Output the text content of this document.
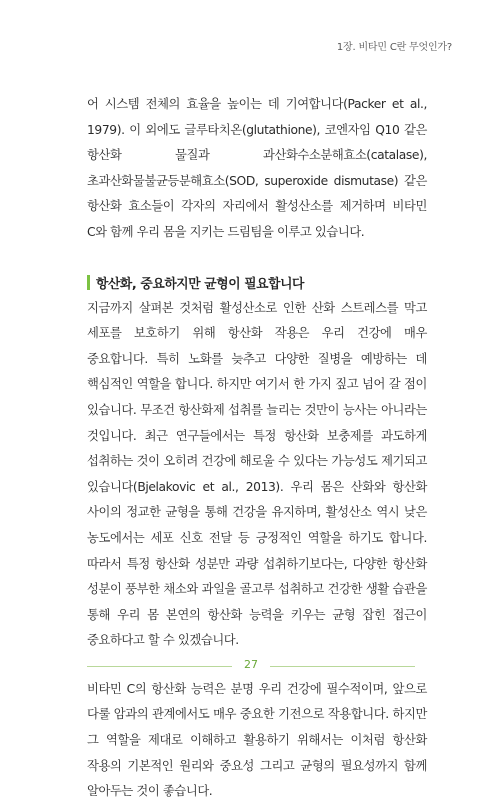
1장. 비타민 C란 무엇인가?

어 시스템 전체의 효율을 높이는 데 기여합니다(Packer et al., 1979). 이 외에도 글루타치온(glutathione), 코엔자임 Q10 같은 항산화 물질과 과산화수소분해효소(catalase), 초과산화물불균등분해효소(SOD, superoxide dismutase) 같은 항산화 효소들이 각자의 자리에서 활성산소를 제거하며 비타민 C와 함께 우리 몸을 지키는 드림팀을 이루고 있습니다.

항산화, 중요하지만 균형이 필요합니다

지금까지 살펴본 것처럼 활성산소로 인한 산화 스트레스를 막고 세포를 보호하기 위해 항산화 작용은 우리 건강에 매우 중요합니다. 특히 노화를 늦추고 다양한 질병을 예방하는 데 핵심적인 역할을 합니다. 하지만 여기서 한 가지 짚고 넘어 갈 점이 있습니다. 무조건 항산화제 섭취를 늘리는 것만이 능사는 아니라는 것입니다. 최근 연구들에서는 특정 항산화 보충제를 과도하게 섭취하는 것이 오히려 건강에 해로울 수 있다는 가능성도 제기되고 있습니다(Bjelakovic et al., 2013). 우리 몸은 산화와 항산화 사이의 정교한 균형을 통해 건강을 유지하며, 활성산소 역시 낮은 농도에서는 세포 신호 전달 등 긍정적인 역할을 하기도 합니다. 따라서 특정 항산화 성분만 과량 섭취하기보다는, 다양한 항산화 성분이 풍부한 채소와 과일을 골고루 섭취하고 건강한 생활 습관을 통해 우리 몸 본연의 항산화 능력을 키우는 균형 잡힌 접근이 중요하다고 할 수 있겠습니다.

비타민 C의 항산화 능력은 분명 우리 건강에 필수적이며, 앞으로 다룰 암과의 관계에서도 매우 중요한 기전으로 작용합니다. 하지만 그 역할을 제대로 이해하고 활용하기 위해서는 이처럼 항산화 작용의 기본적인 원리와 중요성 그리고 균형의 필요성까지 함께 알아두는 것이 좋습니다.

27
